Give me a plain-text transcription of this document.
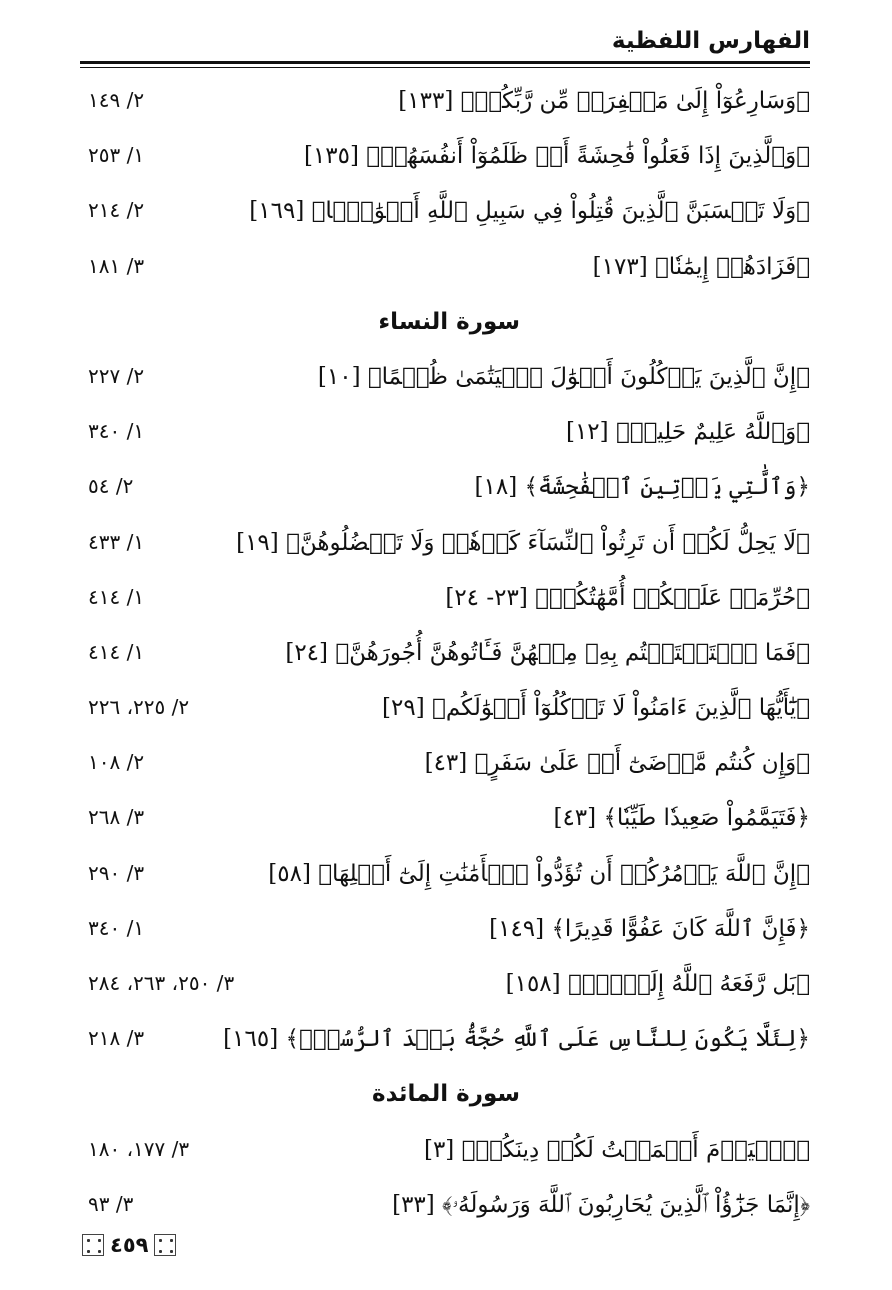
الفهارس اللفظية
﴿وَسَارِعُوٓاْ إِلَىٰ مَغۡفِرَةٖ مِّن رَّبِّكُمۡ﴾ [١٣٣]
٢/ ١٤٩
﴿وَٱلَّذِينَ إِذَا فَعَلُواْ فَٰحِشَةً أَوۡ ظَلَمُوٓاْ أَنفُسَهُمۡ﴾ [١٣٥]
١/ ٢٥٣
﴿وَلَا تَحۡسَبَنَّ ٱلَّذِينَ قُتِلُواْ فِي سَبِيلِ ٱللَّهِ أَمۡوَٰتَۢا﴾ [١٦٩]
٢/ ٢١٤
﴿فَزَادَهُمۡ إِيمَٰنٗا﴾ [١٧٣]
٣/ ١٨١
سورة النساء
﴿إِنَّ ٱلَّذِينَ يَأۡكُلُونَ أَمۡوَٰلَ ٱلۡيَتَٰمَىٰ ظُلۡمًا﴾ [١٠]
٢/ ٢٢٧
﴿وَٱللَّهُ عَلِيمٌ حَلِيمٞ﴾ [١٢]
١/ ٣٤٠
﴿وَٱلَّٰتِي يَأۡتِينَ ٱلۡفَٰحِشَةَ﴾ [١٨]
٢/ ٥٤
﴿لَا يَحِلُّ لَكُمۡ أَن تَرِثُواْ ٱلنِّسَآءَ كَرۡهٗاۖ وَلَا تَعۡضُلُوهُنَّ﴾ [١٩]
١/ ٤٣٣
﴿حُرِّمَتۡ عَلَيۡكُمۡ أُمَّهَٰتُكُمۡ﴾ [٢٣- ٢٤]
١/ ٤١٤
﴿فَمَا ٱسۡتَمۡتَعۡتُم بِهِۦ مِنۡهُنَّ فَـَٔاتُوهُنَّ أُجُورَهُنَّ﴾ [٢٤]
١/ ٤١٤
﴿يَٰٓأَيُّهَا ٱلَّذِينَ ءَامَنُواْ لَا تَأۡكُلُوٓاْ أَمۡوَٰلَكُم﴾ [٢٩]
٢/ ٢٢٥، ٢٢٦
﴿وَإِن كُنتُم مَّرۡضَىٰٓ أَوۡ عَلَىٰ سَفَرٍ﴾ [٤٣]
٢/ ١٠٨
﴿فَتَيَمَّمُواْ صَعِيدٗا طَيِّبٗا﴾ [٤٣]
٣/ ٢٦٨
﴿إِنَّ ٱللَّهَ يَأۡمُرُكُمۡ أَن تُؤَدُّواْ ٱلۡأَمَٰنَٰتِ إِلَىٰٓ أَهۡلِهَا﴾ [٥٨]
٣/ ٢٩٠
﴿فَإِنَّ ٱللَّهَ كَانَ عَفُوًّا قَدِيرًا﴾ [١٤٩]
١/ ٣٤٠
﴿بَل رَّفَعَهُ ٱللَّهُ إِلَيۡهِۚ﴾ [١٥٨]
٣/ ٢٥٠، ٢٦٣، ٢٨٤
﴿لِئَلَّا يَكُونَ لِلنَّاسِ عَلَى ٱللَّهِ حُجَّةُۢ بَعۡدَ ٱلرُّسُلِۚ﴾ [١٦٥]
٣/ ٢١٨
سورة المائدة
﴿ٱلۡيَوۡمَ أَكۡمَلۡتُ لَكُمۡ دِينَكُمۡ﴾ [٣]
٣/ ١٧٧، ١٨٠
﴿إِنَّمَا جَزَٰٓؤُاْ ٱلَّذِينَ يُحَارِبُونَ ٱللَّهَ وَرَسُولَهُۥ﴾ [٣٣]
٣/ ٩٣
٤٥٩
